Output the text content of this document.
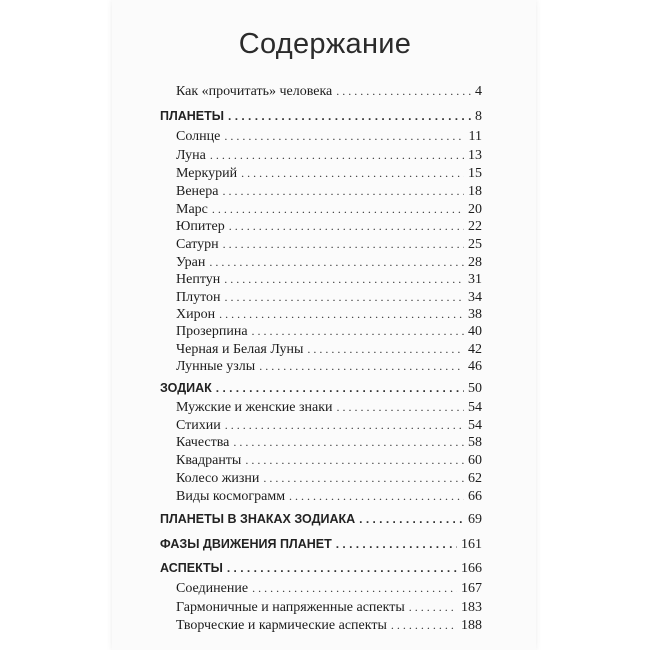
Содержание
Как «прочитать» человека . . .	4
ПЛАНЕТЫ . . .	8
Солнце . . .	11
Луна . . .	13
Меркурий . . .	15
Венера . . .	18
Марс . . .	20
Юпитер . . .	22
Сатурн . . .	25
Уран . . .	28
Нептун . . .	31
Плутон . . .	34
Хирон . . .	38
Прозерпина . . .	40
Черная и Белая Луны . . .	42
Лунные узлы . . .	46
ЗОДИАК . . .	50
Мужские и женские знаки . . .	54
Стихии . . .	54
Качества . . .	58
Квадранты . . .	60
Колесо жизни . . .	62
Виды космограмм . . .	66
ПЛАНЕТЫ В ЗНАКАХ ЗОДИАКА . . .	69
ФАЗЫ ДВИЖЕНИЯ ПЛАНЕТ . . .	161
АСПЕКТЫ . . .	166
Соединение . . .	167
Гармоничные и напряженные аспекты . . .	183
Творческие и кармические аспекты . . .	188
